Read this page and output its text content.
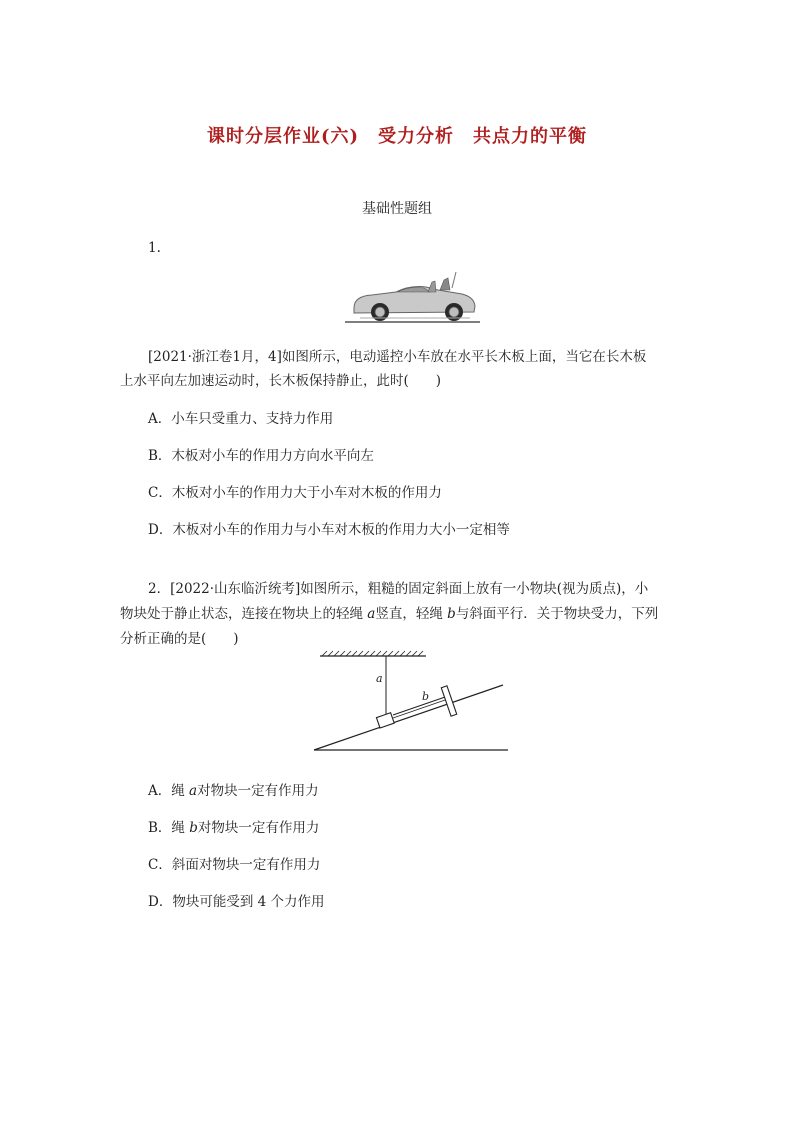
课时分层作业(六)　受力分析　共点力的平衡
基础性题组
1.
[2021·浙江卷1月，4]如图所示，电动遥控小车放在水平长木板上面，当它在长木板
上水平向左加速运动时，长木板保持静止，此时(　　)
A．小车只受重力、支持力作用
B．木板对小车的作用力方向水平向左
C．木板对小车的作用力大于小车对木板的作用力
D．木板对小车的作用力与小车对木板的作用力大小一定相等
2．[2022·山东临沂统考]如图所示，粗糙的固定斜面上放有一小物块(视为质点)，小
物块处于静止状态，连接在物块上的轻绳 a竖直，轻绳 b与斜面平行．关于物块受力，下列
分析正确的是(　　)
a
b
A．绳 a对物块一定有作用力
B．绳 b对物块一定有作用力
C．斜面对物块一定有作用力
D．物块可能受到 4 个力作用
